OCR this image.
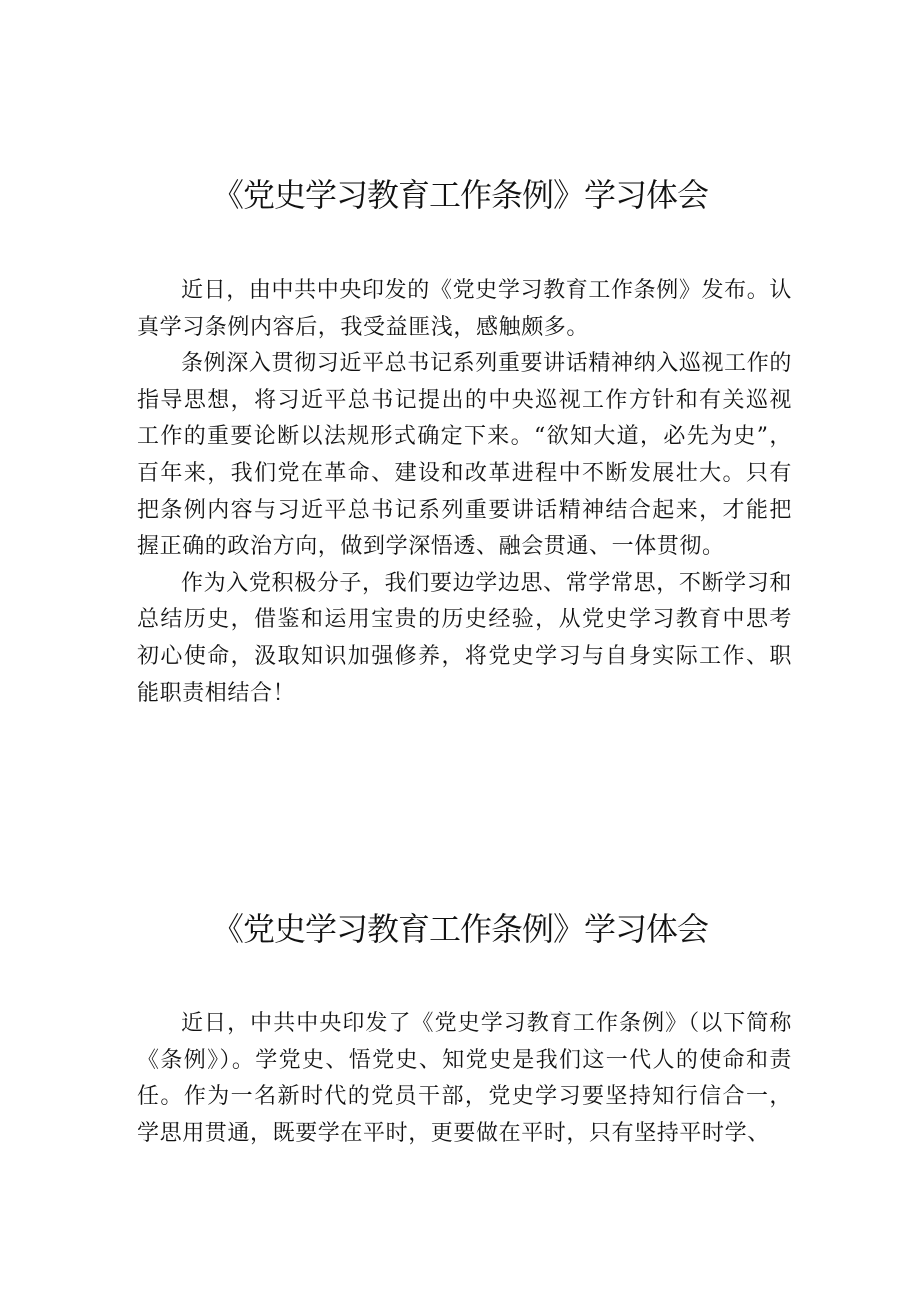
《党史学习教育工作条例》学习体会

近日，由中共中央印发的《党史学习教育工作条例》发布。认真学习条例内容后，我受益匪浅，感触颇多。

条例深入贯彻习近平总书记系列重要讲话精神纳入巡视工作的指导思想，将习近平总书记提出的中央巡视工作方针和有关巡视工作的重要论断以法规形式确定下来。“欲知大道，必先为史”，百年来，我们党在革命、建设和改革进程中不断发展壮大。只有把条例内容与习近平总书记系列重要讲话精神结合起来，才能把握正确的政治方向，做到学深悟透、融会贯通、一体贯彻。

作为入党积极分子，我们要边学边思、常学常思，不断学习和总结历史，借鉴和运用宝贵的历史经验，从党史学习教育中思考初心使命，汲取知识加强修养，将党史学习与自身实际工作、职能职责相结合！

《党史学习教育工作条例》学习体会

近日，中共中央印发了《党史学习教育工作条例》（以下简称《条例》）。学党史、悟党史、知党史是我们这一代人的使命和责任。作为一名新时代的党员干部，党史学习要坚持知行信合一，学思用贯通，既要学在平时，更要做在平时，只有坚持平时学、
